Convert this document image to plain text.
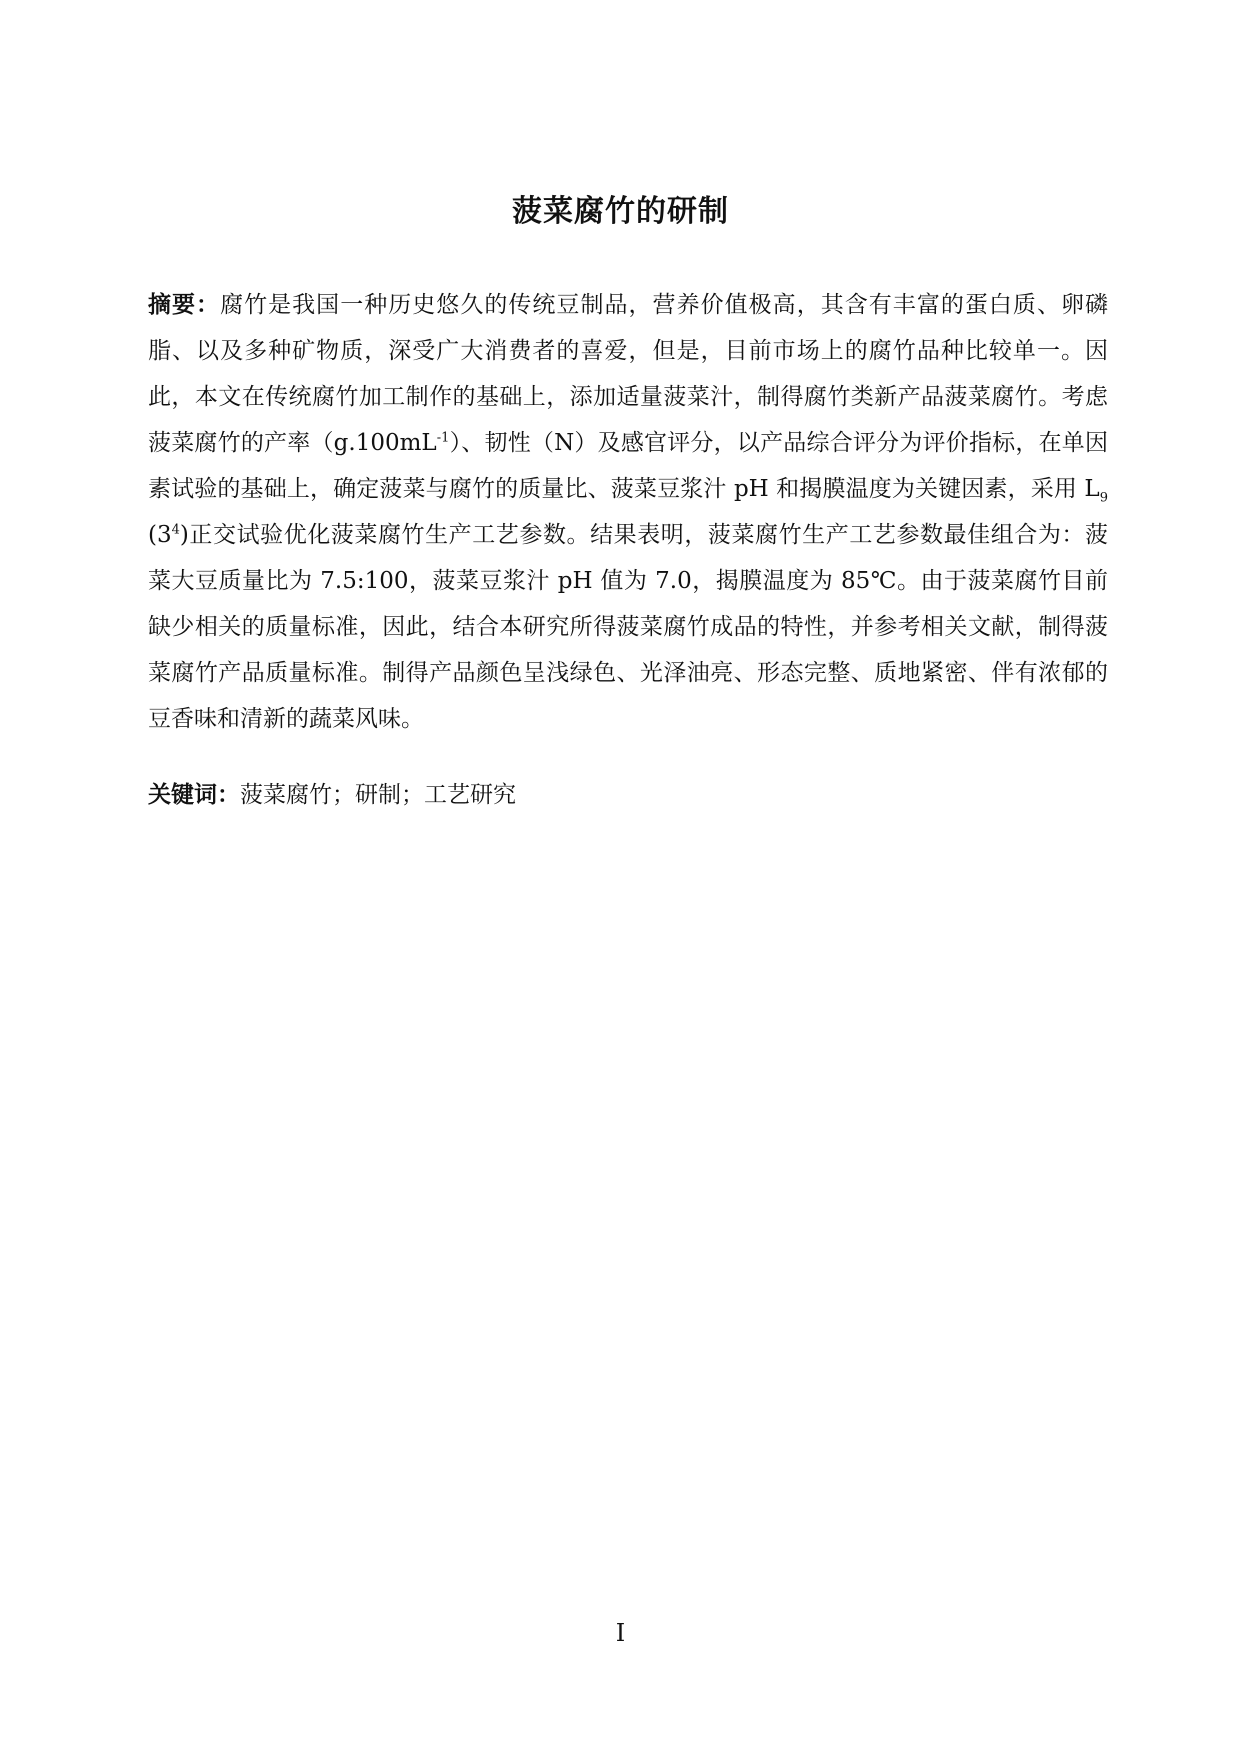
菠菜腐竹的研制
摘要：腐竹是我国一种历史悠久的传统豆制品，营养价值极高，其含有丰富的蛋白质、卵磷脂、以及多种矿物质，深受广大消费者的喜爱，但是，目前市场上的腐竹品种比较单一。因此，本文在传统腐竹加工制作的基础上，添加适量菠菜汁，制得腐竹类新产品菠菜腐竹。考虑菠菜腐竹的产率$(g.100mL^{-1})$、韧性（N）及感官评分，以产品综合评分为评价指标，在单因素试验的基础上，确定菠菜与腐竹的质量比、菠菜豆浆汁 pH 和揭膜温度为关键因素，采用 $L_9(3^4)$正交试验优化菠菜腐竹生产工艺参数。结果表明，菠菜腐竹生产工艺参数最佳组合为：菠菜大豆质量比为 7.5:100，菠菜豆浆汁 pH 值为 7.0，揭膜温度为 85℃。由于菠菜腐竹目前缺少相关的质量标准，因此，结合本研究所得菠菜腐竹成品的特性，并参考相关文献，制得菠菜腐竹产品质量标准。制得产品颜色呈浅绿色、光泽油亮、形态完整、质地紧密、伴有浓郁的豆香味和清新的蔬菜风味。
关键词：菠菜腐竹；研制；工艺研究
I
